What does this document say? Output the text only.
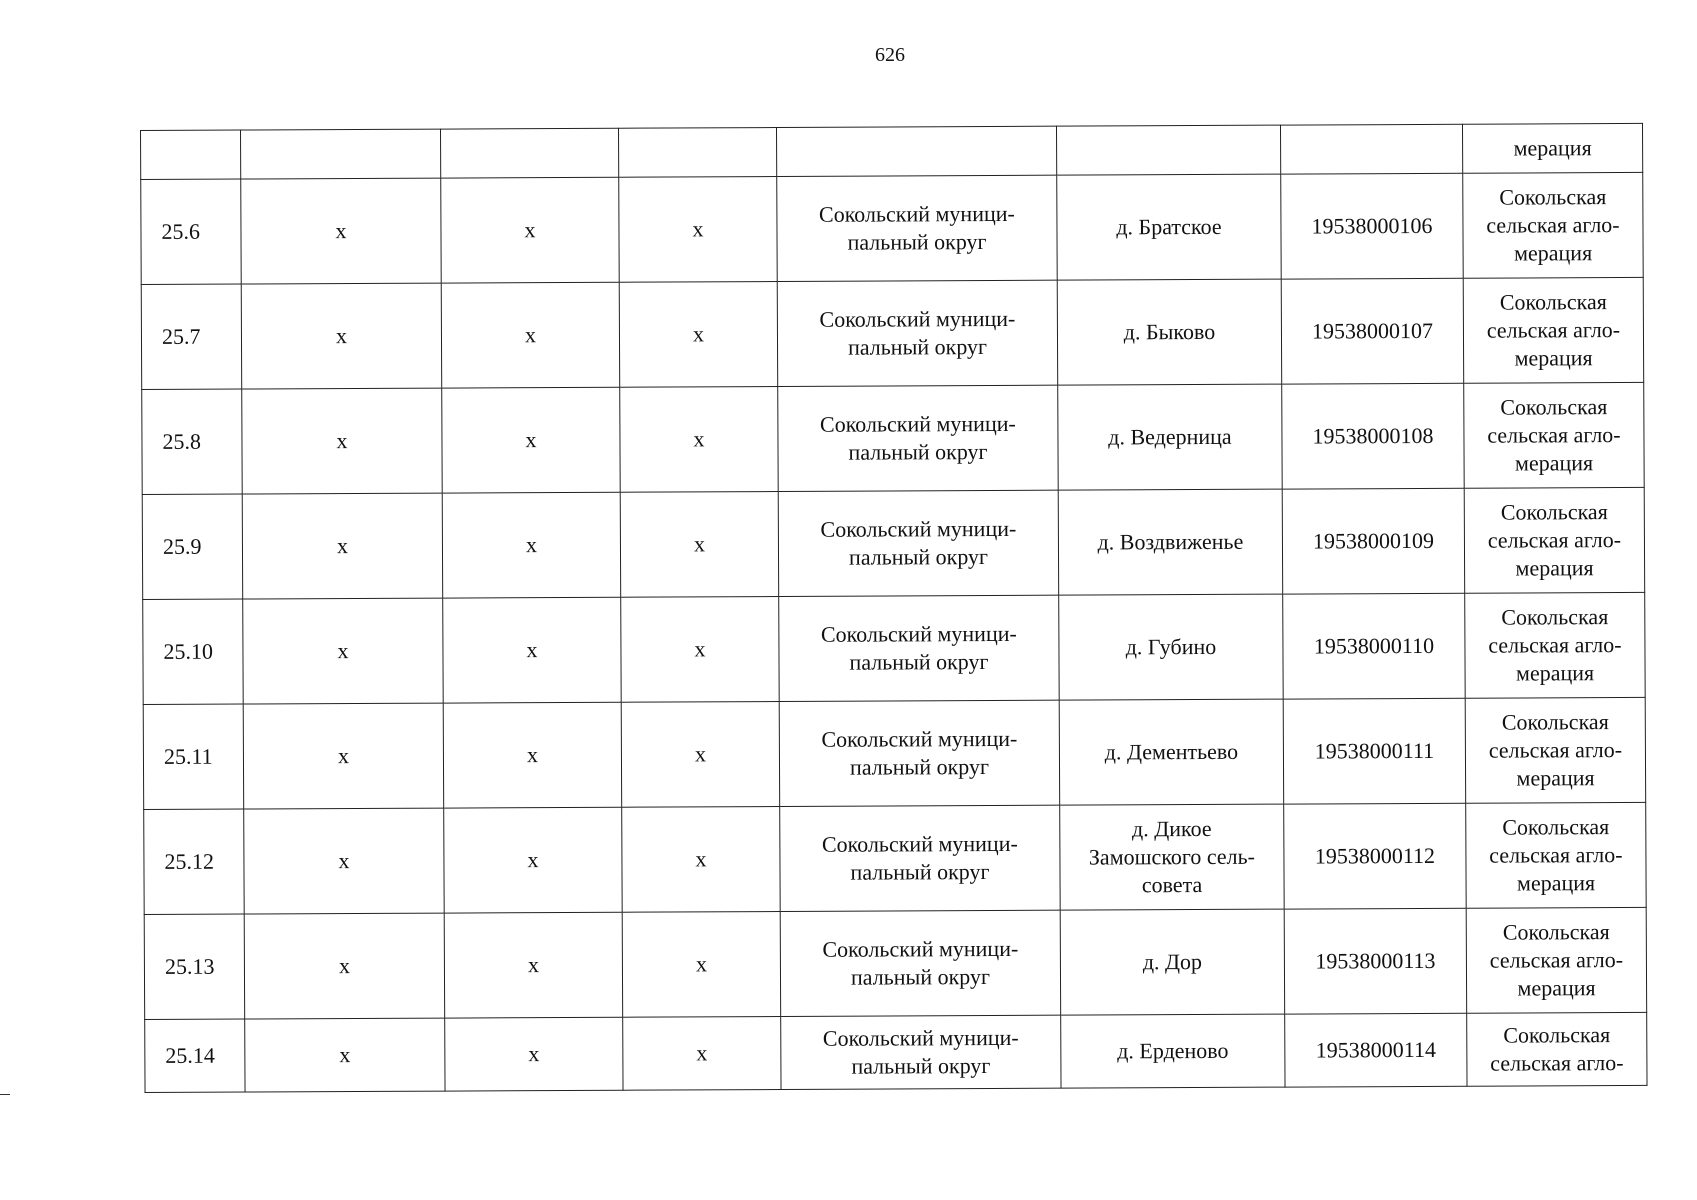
626
							мерация
25.6	х	х	х	Сокольский муници-
пальный округ	д. Братское	19538000106	Сокольская
сельская агло-
мерация

25.7	х	х	х	Сокольский муници-
пальный округ	д. Быково	19538000107	Сокольская
сельская агло-
мерация

25.8	х	х	х	Сокольский муници-
пальный округ	д. Ведерница	19538000108	Сокольская
сельская агло-
мерация

25.9	х	х	х	Сокольский муници-
пальный округ	д. Воздвиженье	19538000109	Сокольская
сельская агло-
мерация

25.10	х	х	х	Сокольский муници-
пальный округ	д. Губино	19538000110	Сокольская
сельская агло-
мерация

25.11	х	х	х	Сокольский муници-
пальный округ	д. Дементьево	19538000111	Сокольская
сельская агло-
мерация

25.12	х	х	х	Сокольский муници-
пальный округ	д. Дикое
Замошского сель-
совета	19538000112	Сокольская
сельская агло-
мерация

25.13	х	х	х	Сокольский муници-
пальный округ	д. Дор	19538000113	Сокольская
сельская агло-
мерация

25.14	х	х	х	Сокольский муници-
пальный округ	д. Ерденово	19538000114	Сокольская
сельская агло-
